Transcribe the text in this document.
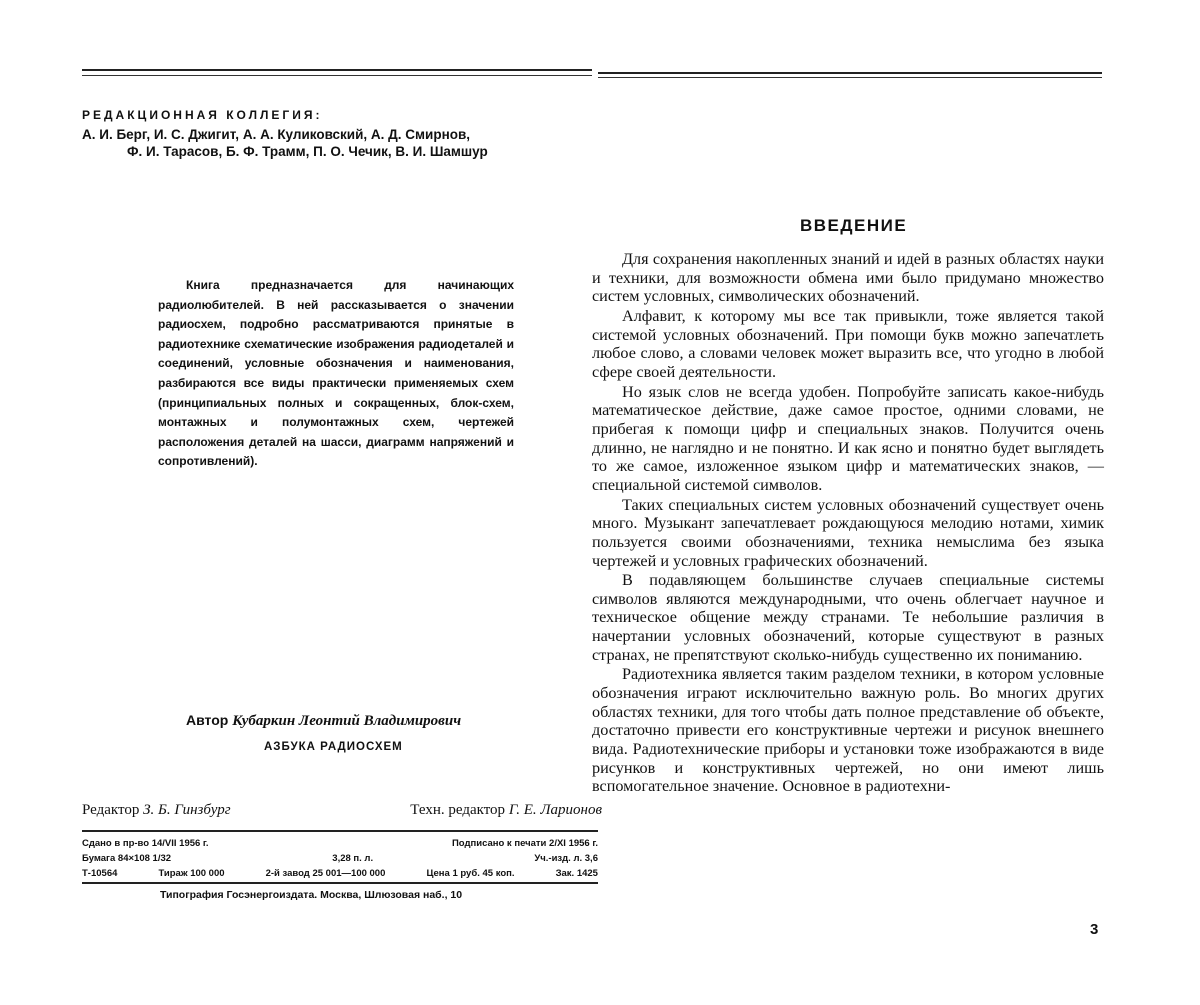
РЕДАКЦИОННАЯ КОЛЛЕГИЯ:
А. И. Берг, И. С. Джигит, А. А. Куликовский, А. Д. Смирнов,
Ф. И. Тарасов, Б. Ф. Трамм, П. О. Чечик, В. И. Шамшур
Книга предназначается для начинающих радиолюбителей. В ней рассказывается о значении радиосхем, подробно рассматриваются принятые в радиотехнике схематические изображения радиодеталей и соединений, условные обозначения и наименования, разбираются все виды практически применяемых схем (принципиальных полных и сокращенных, блок-схем, монтажных и полумонтажных схем, чертежей расположения деталей на шасси, диаграмм напряжений и сопротивлений).
Автор Кубаркин Леонтий Владимирович
АЗБУКА РАДИОСХЕМ
Редактор З. Б. Гинзбург	Техн. редактор Г. Е. Ларионов
Сдано в пр-во 14/VII 1956 г.	Подписано к печати 2/XI 1956 г.
Бумага 84×108 1/32	3,28 п. л.	Уч.-изд. л. 3,6
Т-10564	Тираж 100 000	2-й завод 25 001—100 000	Цена 1 руб. 45 коп.	Зак. 1425
Типография Госэнергоиздата. Москва, Шлюзовая наб., 10
ВВЕДЕНИЕ

Для сохранения накопленных знаний и идей в разных областях науки и техники, для возможности обмена ими было придумано множество систем условных, символических обозначений.

Алфавит, к которому мы все так привыкли, тоже является такой системой условных обозначений. При помощи букв можно запечатлеть любое слово, а словами человек может выразить все, что угодно в любой сфере своей деятельности.

Но язык слов не всегда удобен. Попробуйте записать какое-нибудь математическое действие, даже самое простое, одними словами, не прибегая к помощи цифр и специальных знаков. Получится очень длинно, не наглядно и не понятно. И как ясно и понятно будет выглядеть то же самое, изложенное языком цифр и математических знаков, — специальной системой символов.

Таких специальных систем условных обозначений существует очень много. Музыкант запечатлевает рождающуюся мелодию нотами, химик пользуется своими обозначениями, техника немыслима без языка чертежей и условных графических обозначений.

В подавляющем большинстве случаев специальные системы символов являются международными, что очень облегчает научное и техническое общение между странами. Те небольшие различия в начертании условных обозначений, которые существуют в разных странах, не препятствуют сколько-нибудь существенно их пониманию.

Радиотехника является таким разделом техники, в котором условные обозначения играют исключительно важную роль. Во многих других областях техники, для того чтобы дать полное представление об объекте, достаточно привести его конструктивные чертежи и рисунок внешнего вида. Радиотехнические приборы и установки тоже изображаются в виде рисунков и конструктивных чертежей, но они имеют лишь вспомогательное значение. Основное в радиотехни-

3
